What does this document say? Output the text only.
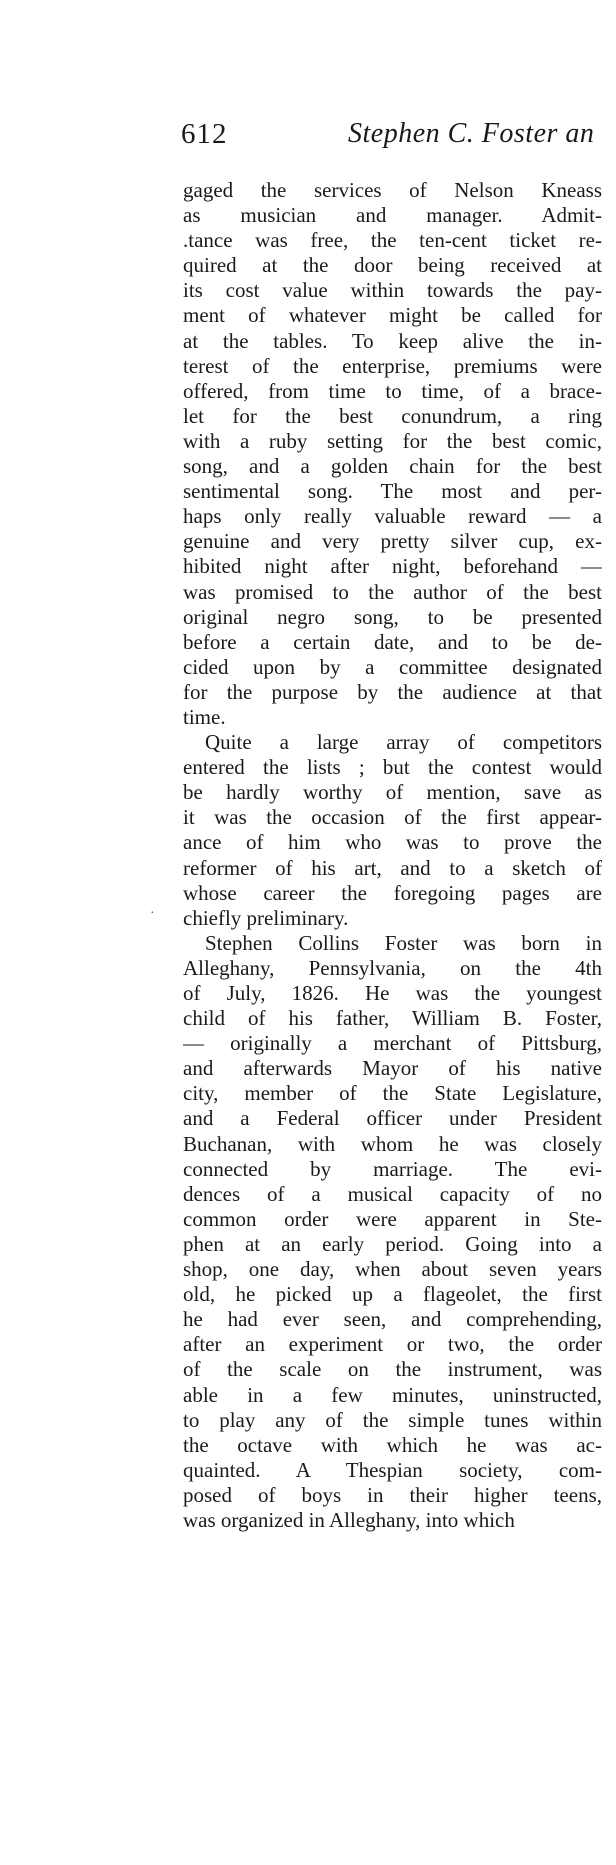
612	Stephen C. Foster an
gaged the services of Nelson Kneass
as musician and manager. Admit-
.tance was free, the ten-cent ticket re-
quired at the door being received at
its cost value within towards the pay-
ment of whatever might be called for
at the tables. To keep alive the in-
terest of the enterprise, premiums were
offered, from time to time, of a brace-
let for the best conundrum, a ring
with a ruby setting for the best comic,
song, and a golden chain for the best
sentimental song. The most and per-
haps only really valuable reward — a
genuine and very pretty silver cup, ex-
hibited night after night, beforehand —
was promised to the author of the best
original negro song, to be presented
before a certain date, and to be de-
cided upon by a committee designated
for the purpose by the audience at that
time.
Quite a large array of competitors
entered the lists ; but the contest would
be hardly worthy of mention, save as
it was the occasion of the first appear-
ance of him who was to prove the
reformer of his art, and to a sketch of
whose career the foregoing pages are
chiefly preliminary.
Stephen Collins Foster was born in
Alleghany, Pennsylvania, on the 4th
of July, 1826. He was the youngest
child of his father, William B. Foster,
— originally a merchant of Pittsburg,
and afterwards Mayor of his native
city, member of the State Legislature,
and a Federal officer under President
Buchanan, with whom he was closely
connected by marriage. The evi-
dences of a musical capacity of no
common order were apparent in Ste-
phen at an early period. Going into a
shop, one day, when about seven years
old, he picked up a flageolet, the first
he had ever seen, and comprehending,
after an experiment or two, the order
of the scale on the instrument, was
able in a few minutes, uninstructed,
to play any of the simple tunes within
the octave with which he was ac-
quainted. A Thespian society, com-
posed of boys in their higher teens,
was organized in Alleghany, into which
·
